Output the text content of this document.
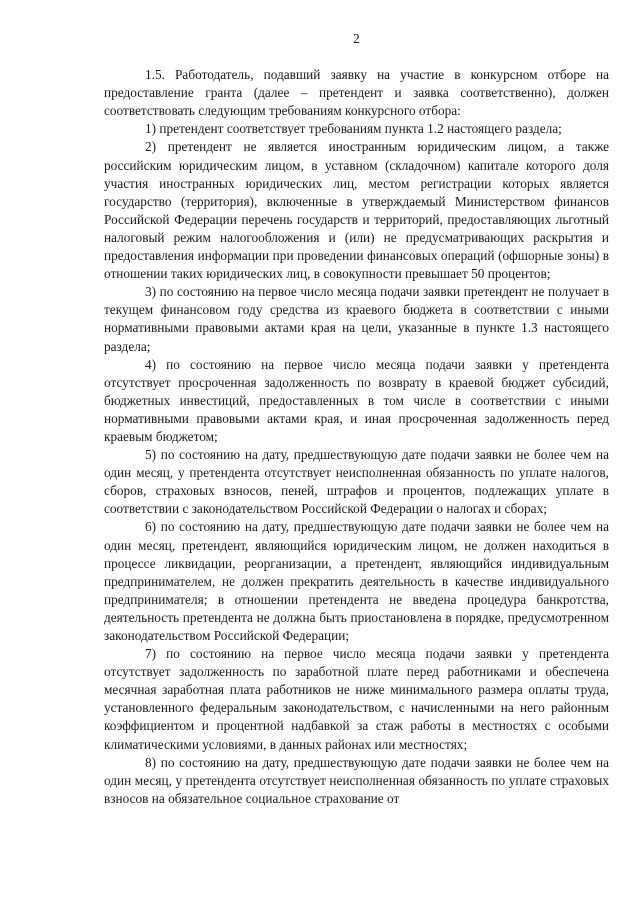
2

1.5. Работодатель, подавший заявку на участие в конкурсном отборе на предоставление гранта (далее – претендент и заявка соответственно), должен соответствовать следующим требованиям конкурсного отбора:

1) претендент соответствует требованиям пункта 1.2 настоящего раздела;

2) претендент не является иностранным юридическим лицом, а также российским юридическим лицом, в уставном (складочном) капитале которого доля участия иностранных юридических лиц, местом регистрации которых является государство (территория), включенные в утверждаемый Министерством финансов Российской Федерации перечень государств и территорий, предоставляющих льготный налоговый режим налогообложения и (или) не предусматривающих раскрытия и предоставления информации при проведении финансовых операций (офшорные зоны) в отношении таких юридических лиц, в совокупности превышает 50 процентов;

3) по состоянию на первое число месяца подачи заявки претендент не получает в текущем финансовом году средства из краевого бюджета в соответствии с иными нормативными правовыми актами края на цели, указанные в пункте 1.3 настоящего раздела;

4) по состоянию на первое число месяца подачи заявки у претендента отсутствует просроченная задолженность по возврату в краевой бюджет субсидий, бюджетных инвестиций, предоставленных в том числе в соответствии с иными нормативными правовыми актами края, и иная просроченная задолженность перед краевым бюджетом;

5) по состоянию на дату, предшествующую дате подачи заявки не более чем на один месяц, у претендента отсутствует неисполненная обязанность по уплате налогов, сборов, страховых взносов, пеней, штрафов и процентов, подлежащих уплате в соответствии с законодательством Российской Федерации о налогах и сборах;

6) по состоянию на дату, предшествующую дате подачи заявки не более чем на один месяц, претендент, являющийся юридическим лицом, не должен находиться в процессе ликвидации, реорганизации, а претендент, являющийся индивидуальным предпринимателем, не должен прекратить деятельность в качестве индивидуального предпринимателя; в отношении претендента не введена процедура банкротства, деятельность претендента не должна быть приостановлена в порядке, предусмотренном законодательством Российской Федерации;

7) по состоянию на первое число месяца подачи заявки у претендента отсутствует задолженность по заработной плате перед работниками и обеспечена месячная заработная плата работников не ниже минимального размера оплаты труда, установленного федеральным законодательством, с начисленными на него районным коэффициентом и процентной надбавкой за стаж работы в местностях с особыми климатическими условиями, в данных районах или местностях;

8) по состоянию на дату, предшествующую дате подачи заявки не более чем на один месяц, у претендента отсутствует неисполненная обязанность по уплате страховых взносов на обязательное социальное страхование от
